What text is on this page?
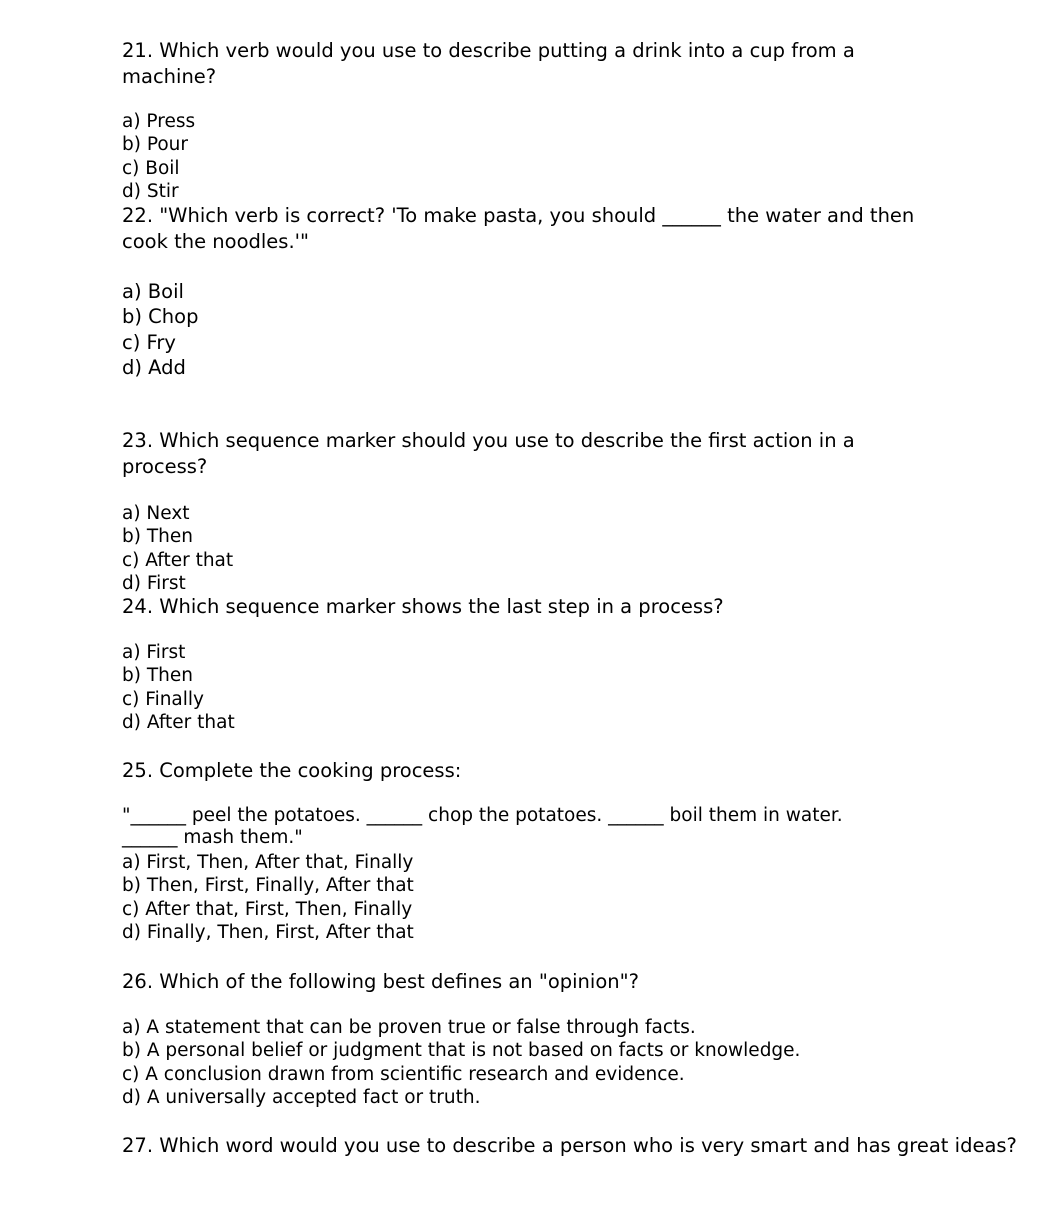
21. Which verb would you use to describe putting a drink into a cup from a machine?

a) Press
b) Pour
c) Boil
d) Stir

22. "Which verb is correct? 'To make pasta, you should ______ the water and then cook the noodles.'"

a) Boil
b) Chop
c) Fry
d) Add

23. Which sequence marker should you use to describe the first action in a process?

a) Next
b) Then
c) After that
d) First

24. Which sequence marker shows the last step in a process?

a) First
b) Then
c) Finally
d) After that

25. Complete the cooking process:

"______ peel the potatoes. ______ chop the potatoes. ______ boil them in water. ______ mash them."

a) First, Then, After that, Finally
b) Then, First, Finally, After that
c) After that, First, Then, Finally
d) Finally, Then, First, After that

26. Which of the following best defines an "opinion"?

a) A statement that can be proven true or false through facts.
b) A personal belief or judgment that is not based on facts or knowledge.
c) A conclusion drawn from scientific research and evidence.
d) A universally accepted fact or truth.

27. Which word would you use to describe a person who is very smart and has great ideas?
